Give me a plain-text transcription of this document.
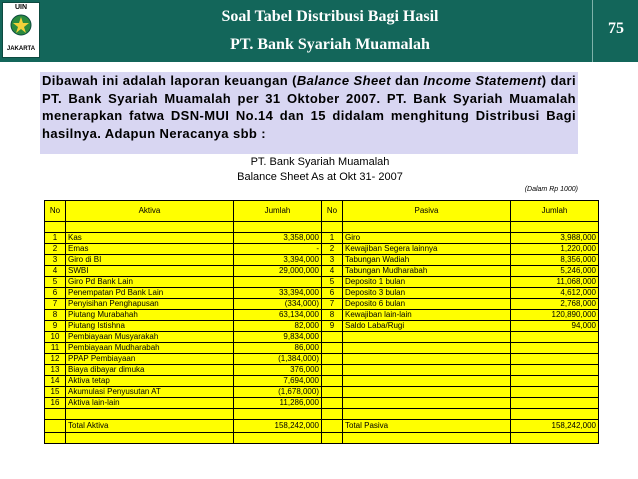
UIN
JAKARTA
Soal Tabel Distribusi Bagi Hasil
PT. Bank Syariah Muamalah
75

Dibawah ini adalah laporan keuangan (Balance Sheet dan Income Statement) dari PT. Bank Syariah Muamalah per 31 Oktober 2007. PT. Bank Syariah Muamalah menerapkan fatwa DSN-MUI No.14 dan 15 didalam menghitung Distribusi Bagi hasilnya. Adapun Neracanya sbb :

PT. Bank Syariah Muamalah
Balance Sheet As at Okt 31- 2007
(Dalam Rp 1000)
No	Aktiva	Jumlah	No	Pasiva	Jumlah

1	Kas	3,358,000	1	Giro	3,988,000
2	Emas	-	2	Kewajiban Segera lainnya	1,220,000
3	Giro di BI	3,394,000	3	Tabungan Wadiah	8,356,000
4	SWBI	29,000,000	4	Tabungan Mudharabah	5,246,000
5	Giro Pd Bank Lain		5	Deposito 1 bulan	11,068,000
6	Penempatan Pd Bank Lain	33,394,000	6	Deposito 3 bulan	4,612,000
7	Penyisihan Penghapusan	(334,000)	7	Deposito 6 bulan	2,768,000
8	Piutang Murabahah	63,134,000	8	Kewajiban lain-lain	120,890,000
9	Piutang Istishna	82,000	9	Saldo Laba/Rugi	94,000
10	Pembiayaan Musyarakah	9,834,000			
11	Pembiayaan Mudharabah	86,000			
12	PPAP Pembiayaan	(1,384,000)			
13	Biaya dibayar dimuka	376,000			
14	Aktiva tetap	7,694,000			
15	Akumulasi Penyusutan AT	(1,678,000)			
16	Aktiva lain-lain	11,286,000			

	Total Aktiva	158,242,000		Total Pasiva	158,242,000
